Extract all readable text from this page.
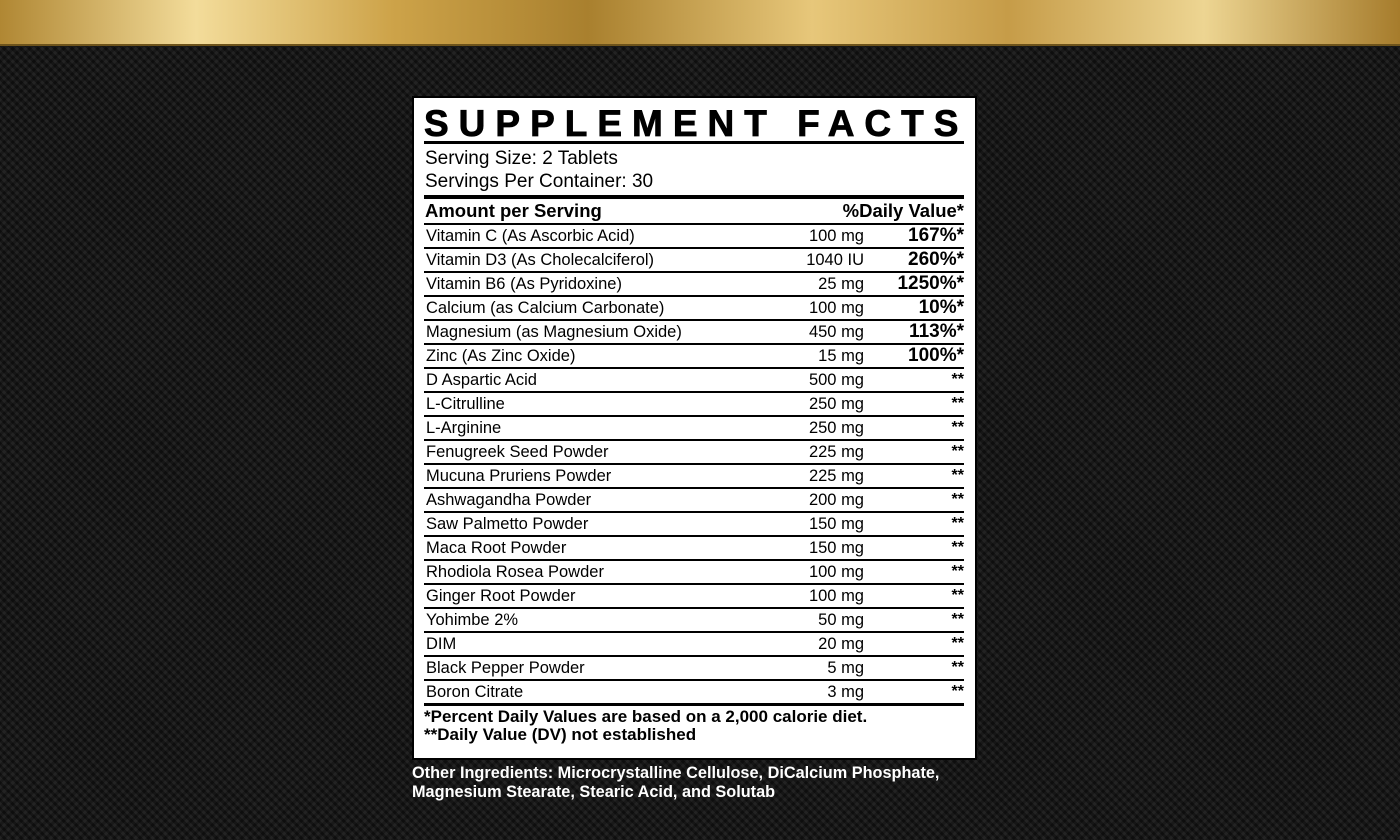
SUPPLEMENT FACTS
Serving Size: 2 Tablets
Servings Per Container: 30
Amount per Serving	%Daily Value*
Vitamin C (As Ascorbic Acid)	100 mg	167%*
Vitamin D3 (As Cholecalciferol)	1040 IU	260%*
Vitamin B6 (As Pyridoxine)	25 mg	1250%*
Calcium (as Calcium Carbonate)	100 mg	10%*
Magnesium (as Magnesium Oxide)	450 mg	113%*
Zinc (As Zinc Oxide)	15 mg	100%*
D Aspartic Acid	500 mg	**
L-Citrulline	250 mg	**
L-Arginine	250 mg	**
Fenugreek Seed Powder	225 mg	**
Mucuna Pruriens Powder	225 mg	**
Ashwagandha Powder	200 mg	**
Saw Palmetto Powder	150 mg	**
Maca Root Powder	150 mg	**
Rhodiola Rosea Powder	100 mg	**
Ginger Root Powder	100 mg	**
Yohimbe 2%	50 mg	**
DIM	20 mg	**
Black Pepper Powder	5 mg	**
Boron Citrate	3 mg	**
*Percent Daily Values are based on a 2,000 calorie diet.
**Daily Value (DV) not established
Other Ingredients: Microcrystalline Cellulose, DiCalcium Phosphate,
Magnesium Stearate, Stearic Acid, and Solutab
